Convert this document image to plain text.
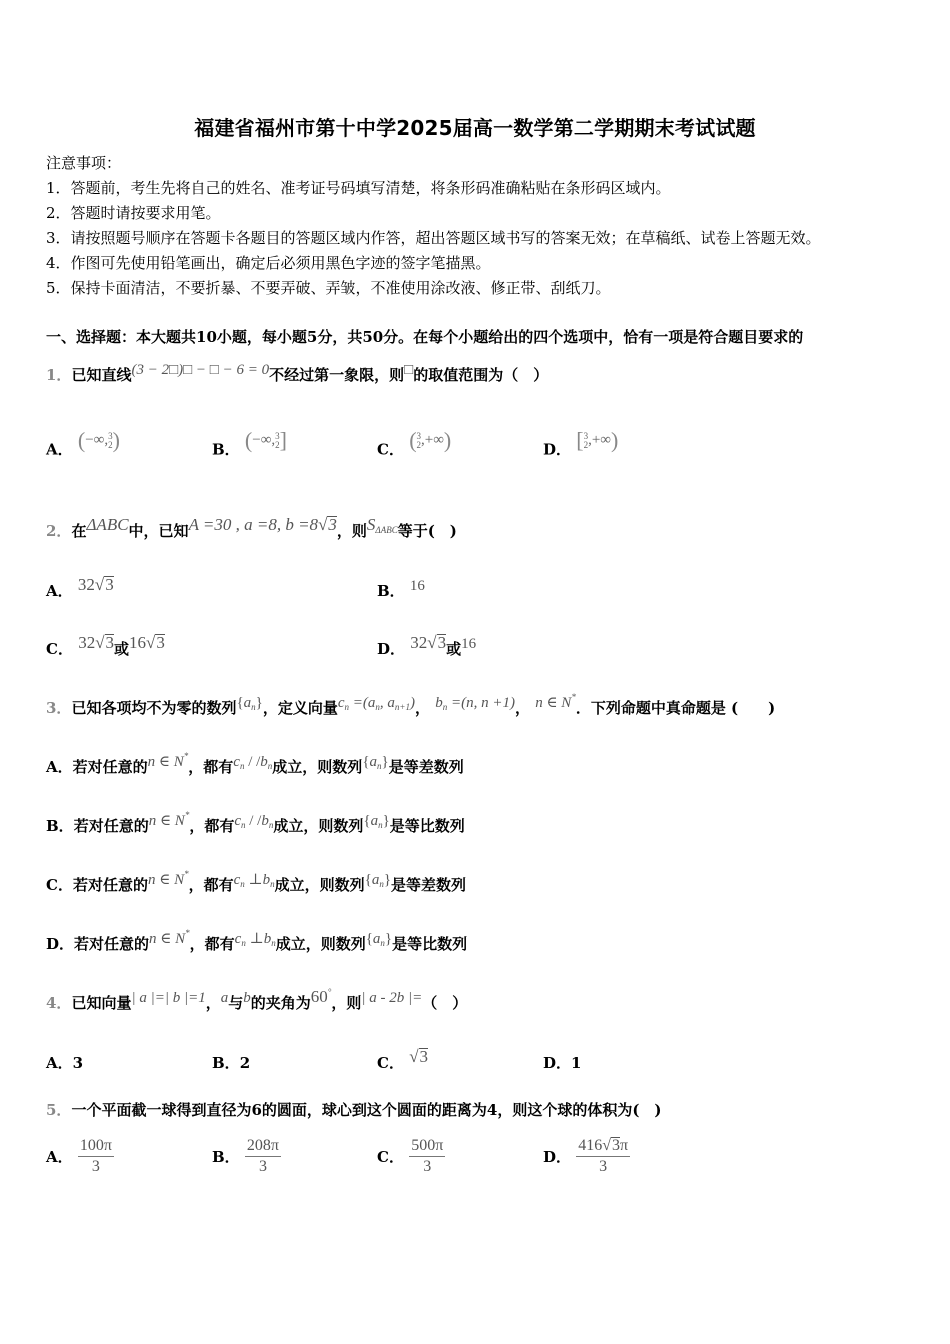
福建省福州市第十中学2025届高一数学第二学期期末考试试题
注意事项：
1．答题前，考生先将自己的姓名、准考证号码填写清楚，将条形码准确粘贴在条形码区域内。
2．答题时请按要求用笔。
3．请按照题号顺序在答题卡各题目的答题区域内作答，超出答题区域书写的答案无效；在草稿纸、试卷上答题无效。
4．作图可先使用铅笔画出，确定后必须用黑色字迹的签字笔描黑。
5．保持卡面清洁，不要折暴、不要弄破、弄皱，不准使用涂改液、修正带、刮纸刀。
一、选择题：本大题共10小题，每小题5分，共50分。在每个小题给出的四个选项中，恰有一项是符合题目要求的
1．已知直线(3 − 2□)□ − □ − 6 = 0不经过第一象限，则□的取值范围为（　）
A． (−∞, 3
2 )	B． (−∞, 3
2 ]	C． ( 3
2 ,+∞)	D． [ 3
2 ,+∞)
2．在ΔABC中，已知A =30 , a =8, b =8√3，则$S_{\Delta ABC}$等于(　)
A． 32√3	B． 16
C． 32√3或16√3	D． 32√3或16
3．已知各项均不为零的数列$\{a_n\}$，定义向量$c_n =(a_n$, $a_{n+1}$)， $b_n =(n$, n +1)， n ∈ N*．下列命题中真命题是 (　　)
A．若对任意的n ∈ N*，都有$c_n / /b_n$成立，则数列$\{a_n\}$是等差数列
B．若对任意的n ∈ N*，都有$c_n / /b_n$成立，则数列$\{a_n\}$是等比数列
C．若对任意的n ∈ N*，都有$c_n$ $\perp b_n$成立，则数列$\{a_n\}$是等差数列
D．若对任意的n ∈ N*，都有$c_n$ $\perp b_n$成立，则数列$\{a_n\}$是等比数列
4．已知向量| a |=| b |=1，a与b的夹角为60°，则| a - 2b |=（　）
A．3	B．2	C． √3	D．1
5．一个平面截一球得到直径为6的圆面，球心到这个圆面的距离为4，则这个球的体积为(　)
A． $\frac{100\pi}{3}$	B． $\frac{208\pi}{3}$	C． $\frac{500\pi}{3}$	D． $\frac{416√3\pi}{3}$
